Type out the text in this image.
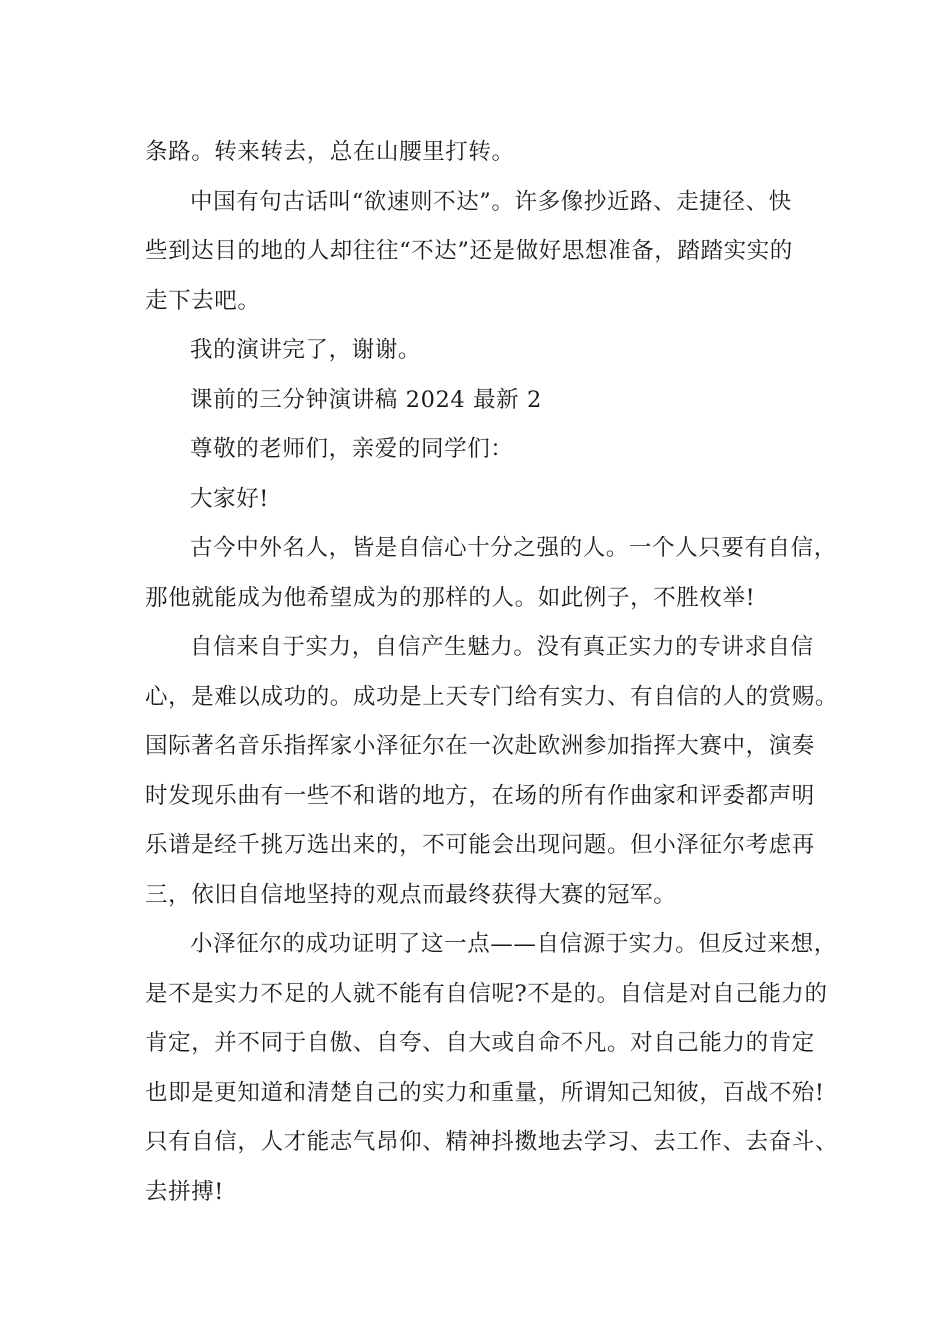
条路。转来转去，总在山腰里打转。
中国有句古话叫“欲速则不达”。许多像抄近路、走捷径、快
些到达目的地的人却往往“不达”还是做好思想准备，踏踏实实的
走下去吧。
我的演讲完了，谢谢。
课前的三分钟演讲稿 2024 最新 2
尊敬的老师们，亲爱的同学们：
大家好!
古今中外名人，皆是自信心十分之强的人。一个人只要有自信，
那他就能成为他希望成为的那样的人。如此例子，不胜枚举!
自信来自于实力，自信产生魅力。没有真正实力的专讲求自信
心，是难以成功的。成功是上天专门给有实力、有自信的人的赏赐。
国际著名音乐指挥家小泽征尔在一次赴欧洲参加指挥大赛中，演奏
时发现乐曲有一些不和谐的地方，在场的所有作曲家和评委都声明
乐谱是经千挑万选出来的，不可能会出现问题。但小泽征尔考虑再
三，依旧自信地坚持的观点而最终获得大赛的冠军。
小泽征尔的成功证明了这一点——自信源于实力。但反过来想，
是不是实力不足的人就不能有自信呢?不是的。自信是对自己能力的
肯定，并不同于自傲、自夸、自大或自命不凡。对自己能力的肯定
也即是更知道和清楚自己的实力和重量，所谓知己知彼，百战不殆!
只有自信，人才能志气昂仰、精神抖擞地去学习、去工作、去奋斗、
去拼搏!
